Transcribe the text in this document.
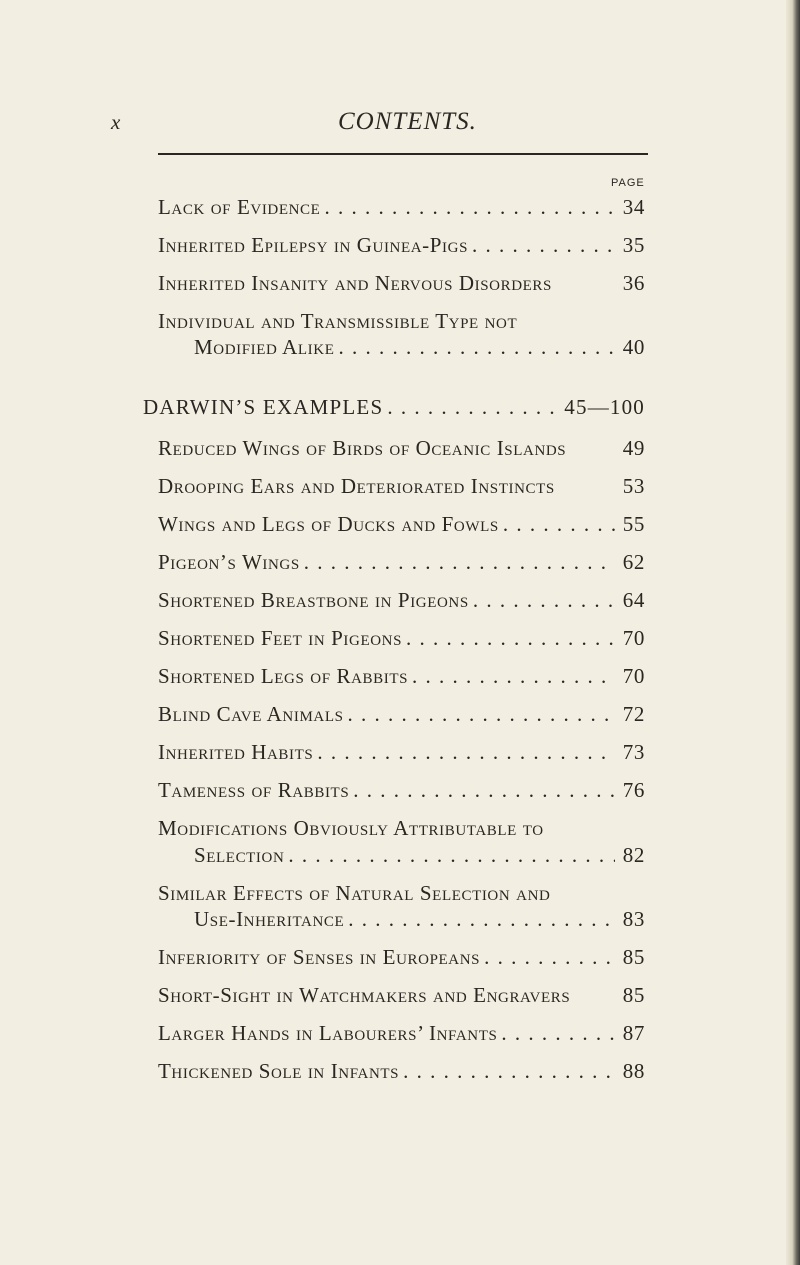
x	CONTENTS.
PAGE
Lack of Evidence . . .	34
Inherited Epilepsy in Guinea-Pigs . . .	35
Inherited Insanity and Nervous Disorders	36
Individual and Transmissible Type not
Modified Alike . . .	40
DARWIN’S EXAMPLES . . .	45—100
Reduced Wings of Birds of Oceanic Islands	49
Drooping Ears and Deteriorated Instincts	53
Wings and Legs of Ducks and Fowls . . .	55
Pigeon’s Wings . . .	62
Shortened Breastbone in Pigeons . . .	64
Shortened Feet in Pigeons . . .	70
Shortened Legs of Rabbits . . .	70
Blind Cave Animals . . .	72
Inherited Habits . . .	73
Tameness of Rabbits . . .	76
Modifications Obviously Attributable to
Selection . . .	82
Similar Effects of Natural Selection and
Use-Inheritance . . .	83
Inferiority of Senses in Europeans . . .	85
Short-Sight in Watchmakers and Engravers	85
Larger Hands in Labourers’ Infants . . .	87
Thickened Sole in Infants . . .	88
